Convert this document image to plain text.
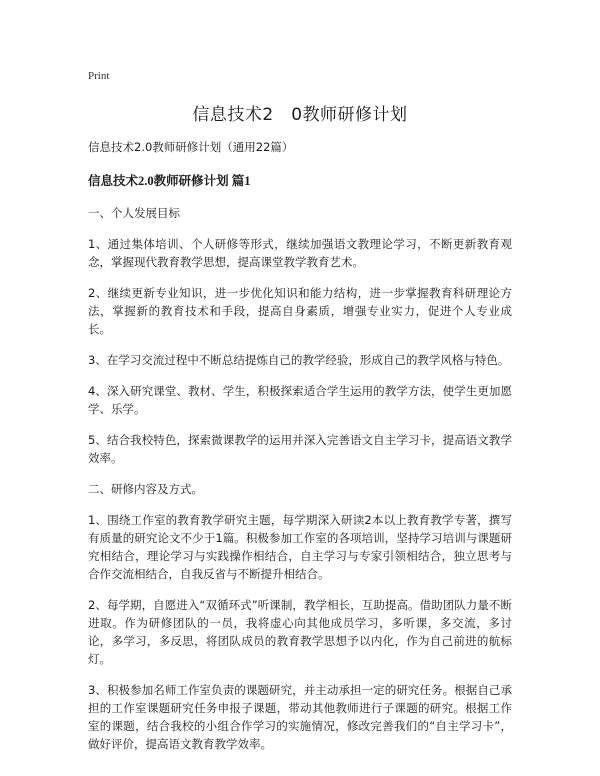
Print
信息技术2　0教师研修计划

信息技术2.0教师研修计划（通用22篇）

信息技术2.0教师研修计划 篇1

一、个人发展目标

1、通过集体培训、个人研修等形式，继续加强语文教理论学习，不断更新教育观念，掌握现代教育教学思想，提高课堂教学教育艺术。

2、继续更新专业知识，进一步优化知识和能力结构，进一步掌握教育科研理论方法，掌握新的教育技术和手段，提高自身素质，增强专业实力，促进个人专业成长。

3、在学习交流过程中不断总结提炼自己的教学经验，形成自己的教学风格与特色。

4、深入研究课堂、教材、学生，积极探索适合学生运用的教学方法，使学生更加愿学、乐学。

5、结合我校特色，探索微课教学的运用并深入完善语文自主学习卡，提高语文教学效率。

二、研修内容及方式。

1、围绕工作室的教育教学研究主题，每学期深入研读2本以上教育教学专著，撰写有质量的研究论文不少于1篇。积极参加工作室的各项培训，坚持学习培训与课题研究相结合，理论学习与实践操作相结合，自主学习与专家引领相结合，独立思考与合作交流相结合，自我反省与不断提升相结合。

2、每学期，自愿进入“双循环式”听课制，教学相长，互助提高。借助团队力量不断进取。作为研修团队的一员，我将虚心向其他成员学习，多听课，多交流，多讨论，多学习，多反思，将团队成员的教育教学思想予以内化，作为自己前进的航标灯。

3、积极参加名师工作室负责的课题研究，并主动承担一定的研究任务。根据自己承担的工作室课题研究任务申报子课题，带动其他教师进行子课题的研究。根据工作室的课题，结合我校的小组合作学习的实施情况，修改完善我们的“自主学习卡”，做好评价，提高语文教育教学效率。
